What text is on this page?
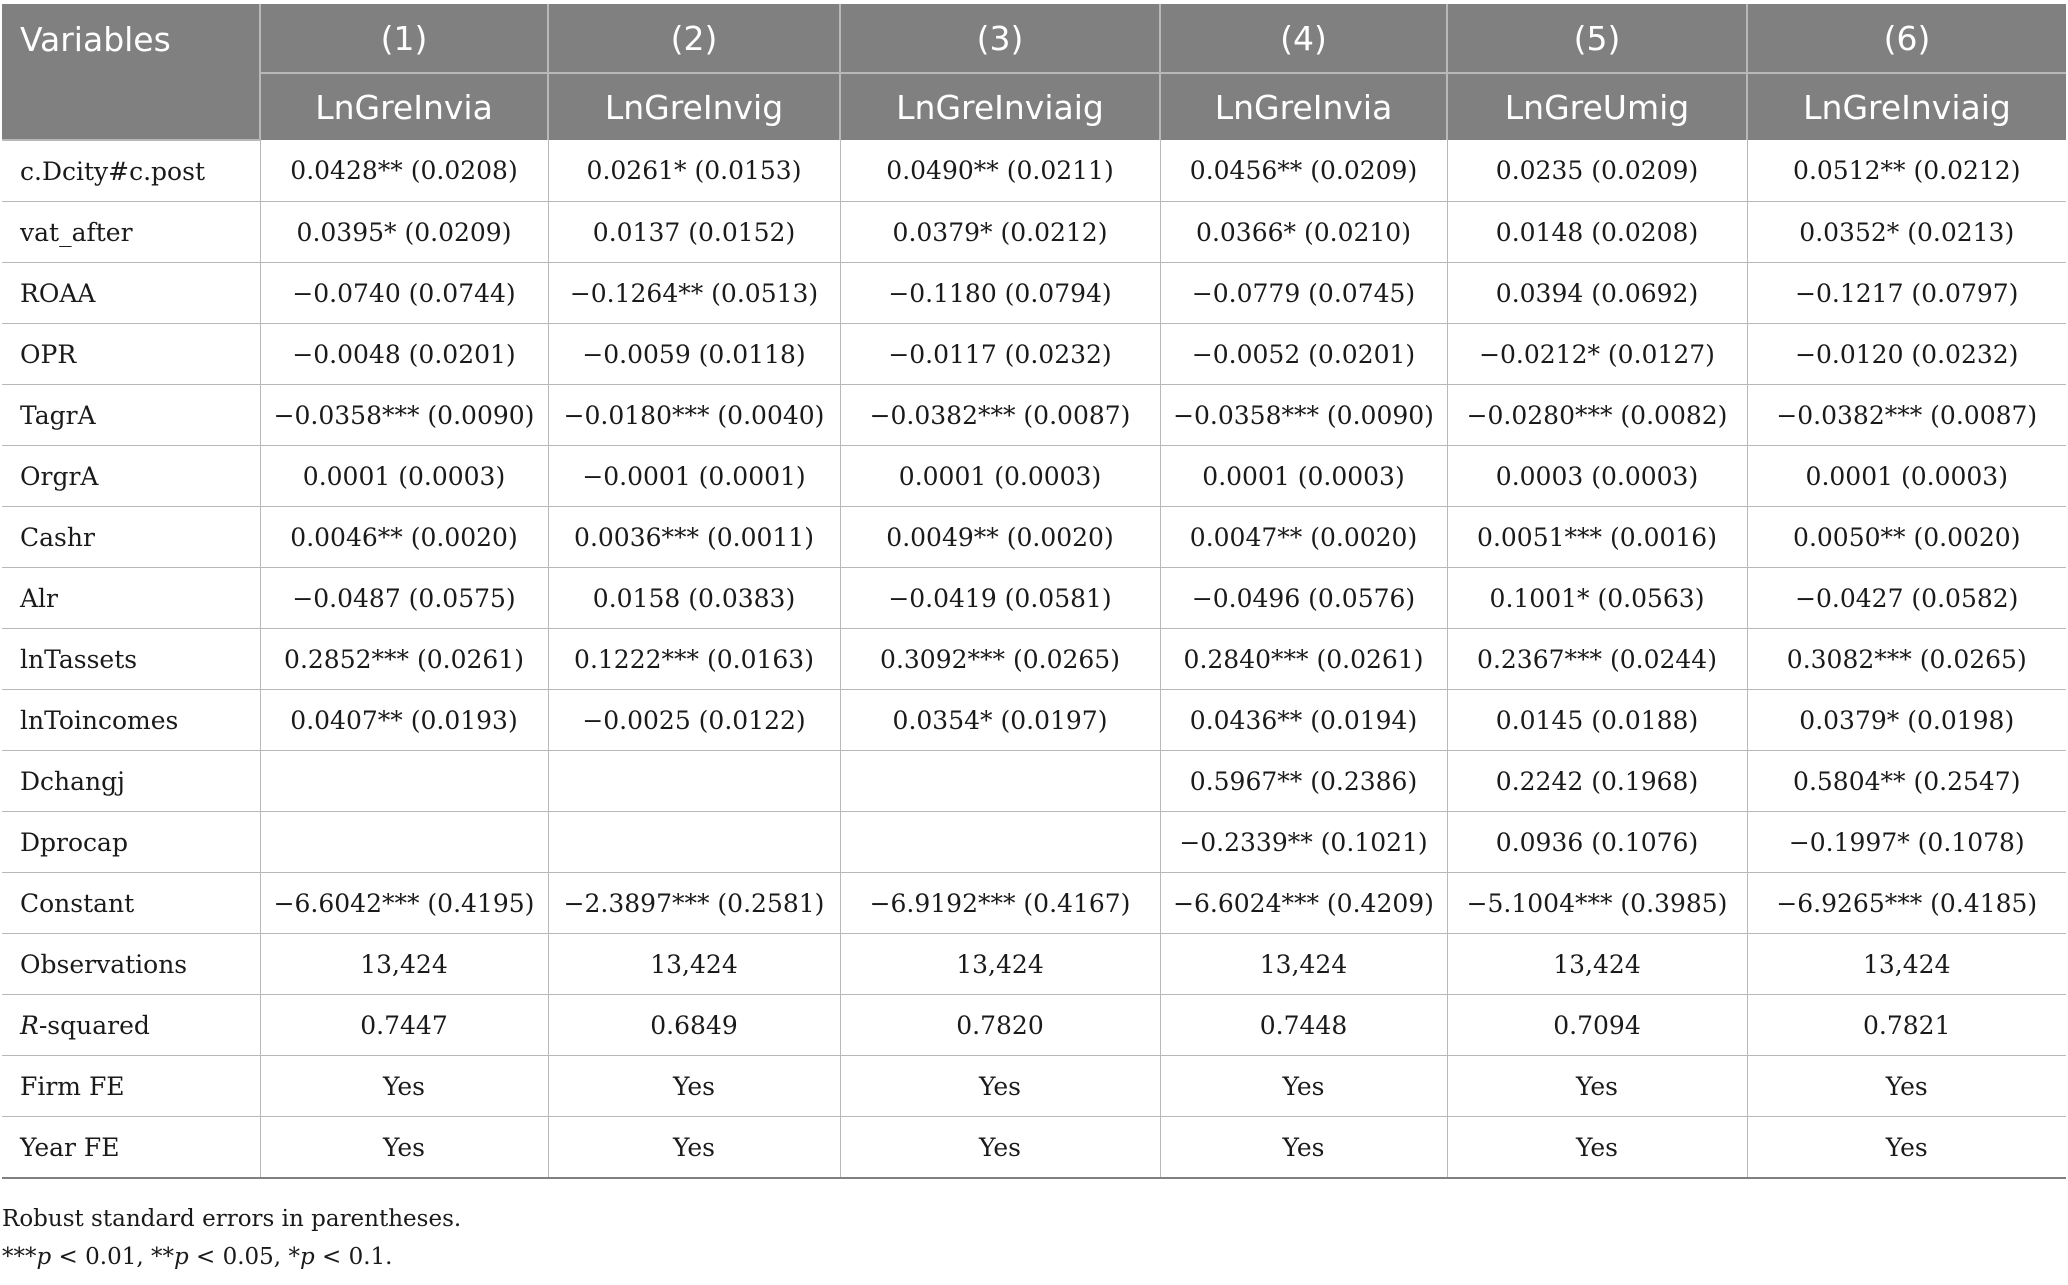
Variables	(1)	(2)	(3)	(4)	(5)	(6)
	LnGreInvia	LnGreInvig	LnGreInviaig	LnGreInvia	LnGreUmig	LnGreInviaig
c.Dcity#c.post	0.0428** (0.0208)	0.0261* (0.0153)	0.0490** (0.0211)	0.0456** (0.0209)	0.0235 (0.0209)	0.0512** (0.0212)
vat_after	0.0395* (0.0209)	0.0137 (0.0152)	0.0379* (0.0212)	0.0366* (0.0210)	0.0148 (0.0208)	0.0352* (0.0213)
ROAA	−0.0740 (0.0744)	−0.1264** (0.0513)	−0.1180 (0.0794)	−0.0779 (0.0745)	0.0394 (0.0692)	−0.1217 (0.0797)
OPR	−0.0048 (0.0201)	−0.0059 (0.0118)	−0.0117 (0.0232)	−0.0052 (0.0201)	−0.0212* (0.0127)	−0.0120 (0.0232)
TagrA	−0.0358*** (0.0090)	−0.0180*** (0.0040)	−0.0382*** (0.0087)	−0.0358*** (0.0090)	−0.0280*** (0.0082)	−0.0382*** (0.0087)
OrgrA	0.0001 (0.0003)	−0.0001 (0.0001)	0.0001 (0.0003)	0.0001 (0.0003)	0.0003 (0.0003)	0.0001 (0.0003)
Cashr	0.0046** (0.0020)	0.0036*** (0.0011)	0.0049** (0.0020)	0.0047** (0.0020)	0.0051*** (0.0016)	0.0050** (0.0020)
Alr	−0.0487 (0.0575)	0.0158 (0.0383)	−0.0419 (0.0581)	−0.0496 (0.0576)	0.1001* (0.0563)	−0.0427 (0.0582)
lnTassets	0.2852*** (0.0261)	0.1222*** (0.0163)	0.3092*** (0.0265)	0.2840*** (0.0261)	0.2367*** (0.0244)	0.3082*** (0.0265)
lnToincomes	0.0407** (0.0193)	−0.0025 (0.0122)	0.0354* (0.0197)	0.0436** (0.0194)	0.0145 (0.0188)	0.0379* (0.0198)
Dchangj				0.5967** (0.2386)	0.2242 (0.1968)	0.5804** (0.2547)
Dprocap				−0.2339** (0.1021)	0.0936 (0.1076)	−0.1997* (0.1078)
Constant	−6.6042*** (0.4195)	−2.3897*** (0.2581)	−6.9192*** (0.4167)	−6.6024*** (0.4209)	−5.1004*** (0.3985)	−6.9265*** (0.4185)
Observations	13,424	13,424	13,424	13,424	13,424	13,424
R-squared	0.7447	0.6849	0.7820	0.7448	0.7094	0.7821
Firm FE	Yes	Yes	Yes	Yes	Yes	Yes
Year FE	Yes	Yes	Yes	Yes	Yes	Yes
Robust standard errors in parentheses.
***p < 0.01, **p < 0.05, *p < 0.1.
